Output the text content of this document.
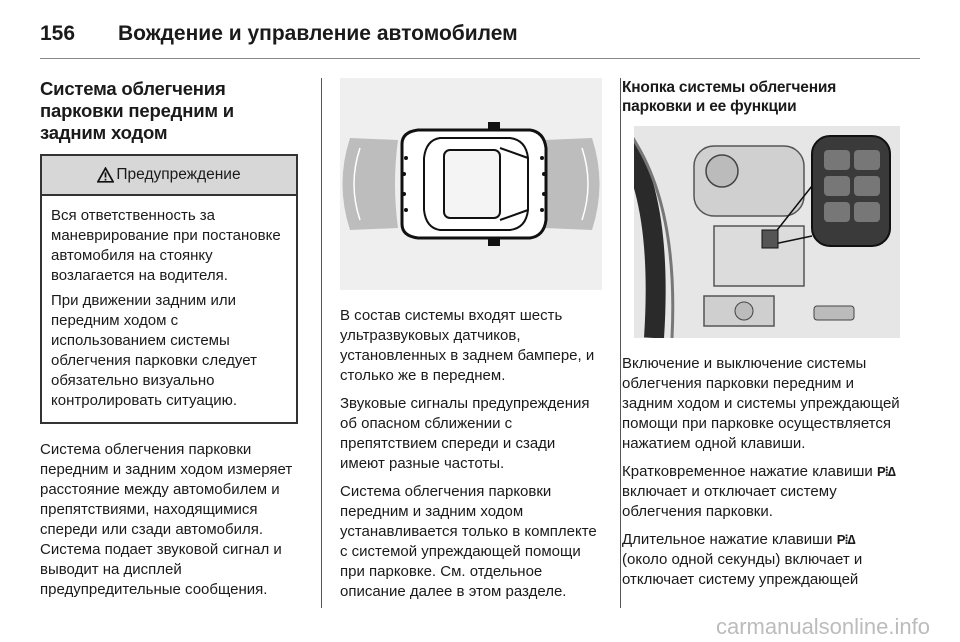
156	Вождение и управление автомобилем
Система облегчения парковки передним и задним ходом
Предупреждение

Вся ответственность за маневрирование при постановке автомобиля на стоянку возлагается на водителя.

При движении задним или передним ходом с использованием системы облегчения парковки следует обязательно визуально контролировать ситуацию.

Система облегчения парковки передним и задним ходом измеряет расстояние между автомобилем и препятствиями, находящимися спереди или сзади автомобиля. Система подает звуковой сигнал и выводит на дисплей предупредительные сообщения.

В состав системы входят шесть ультразвуковых датчиков, установленных в заднем бампере, и столько же в переднем.

Звуковые сигналы предупреждения об опасном сближении с препятствием спереди и сзади имеют разные частоты.

Система облегчения парковки передним и задним ходом устанавливается только в комплекте с системой упреждающей помощи при парковке. См. отдельное описание далее в этом разделе.

Кнопка системы облегчения парковки и ее функции

Включение и выключение системы облегчения парковки передним и задним ходом и системы упреждающей помощи при парковке осуществляется нажатием одной клавиши.

Кратковременное нажатие клавиши P⁞∆ включает и отключает систему облегчения парковки.

Длительное нажатие клавиши P⁞∆ (около одной секунды) включает и отключает систему упреждающей

carmanualsonline.info
